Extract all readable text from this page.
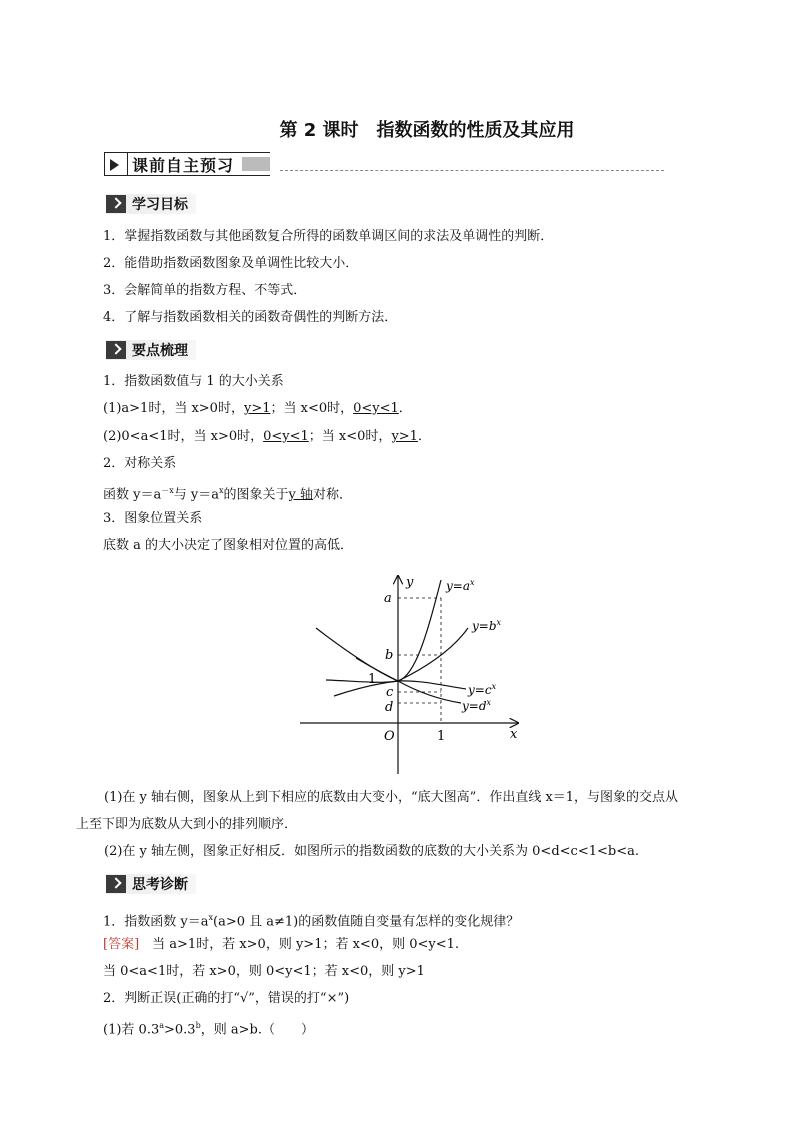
第 2 课时　指数函数的性质及其应用
课前自主预习
学习目标
1．掌握指数函数与其他函数复合所得的函数单调区间的求法及单调性的判断．
2．能借助指数函数图象及单调性比较大小．
3．会解简单的指数方程、不等式．
4．了解与指数函数相关的函数奇偶性的判断方法．
要点梳理
1．指数函数值与 1 的大小关系
(1)a>1时，当 x>0时，y>1；当 x<0时，0<y<1．
(2)0<a<1时，当 x>0时，0<y<1；当 x<0时，y>1．
2．对称关系
函数 $y=a^{-x}$与 $y=a^x$的图象关于y 轴对称．
3．图象位置关系
底数 a 的大小决定了图象相对位置的高低．
y
x
O	1
1
a
b
c
d
$y=a^x$
$y=b^x$
$y=c^x$
$y=d^x$
(1)在 y 轴右侧，图象从上到下相应的底数由大变小，“底大图高”．作出直线 x＝1，与图象的交点从
上至下即为底数从大到小的排列顺序．
(2)在 y 轴左侧，图象正好相反．如图所示的指数函数的底数的大小关系为 0<d<c<1<b<a.
思考诊断
1．指数函数 $y=a^x(a>0$ 且 a≠1)的函数值随自变量有怎样的变化规律？
[答案]　当 a>1时，若 x>0，则 y>1；若 x<0，则 0<y<1.
当 0<a<1时，若 x>0，则 0<y<1；若 x<0，则 y>1
2．判断正误(正确的打“√”，错误的打“×”)
(1)若 0.3$^a$>0.3$^b$，则 a>b.（　　）
